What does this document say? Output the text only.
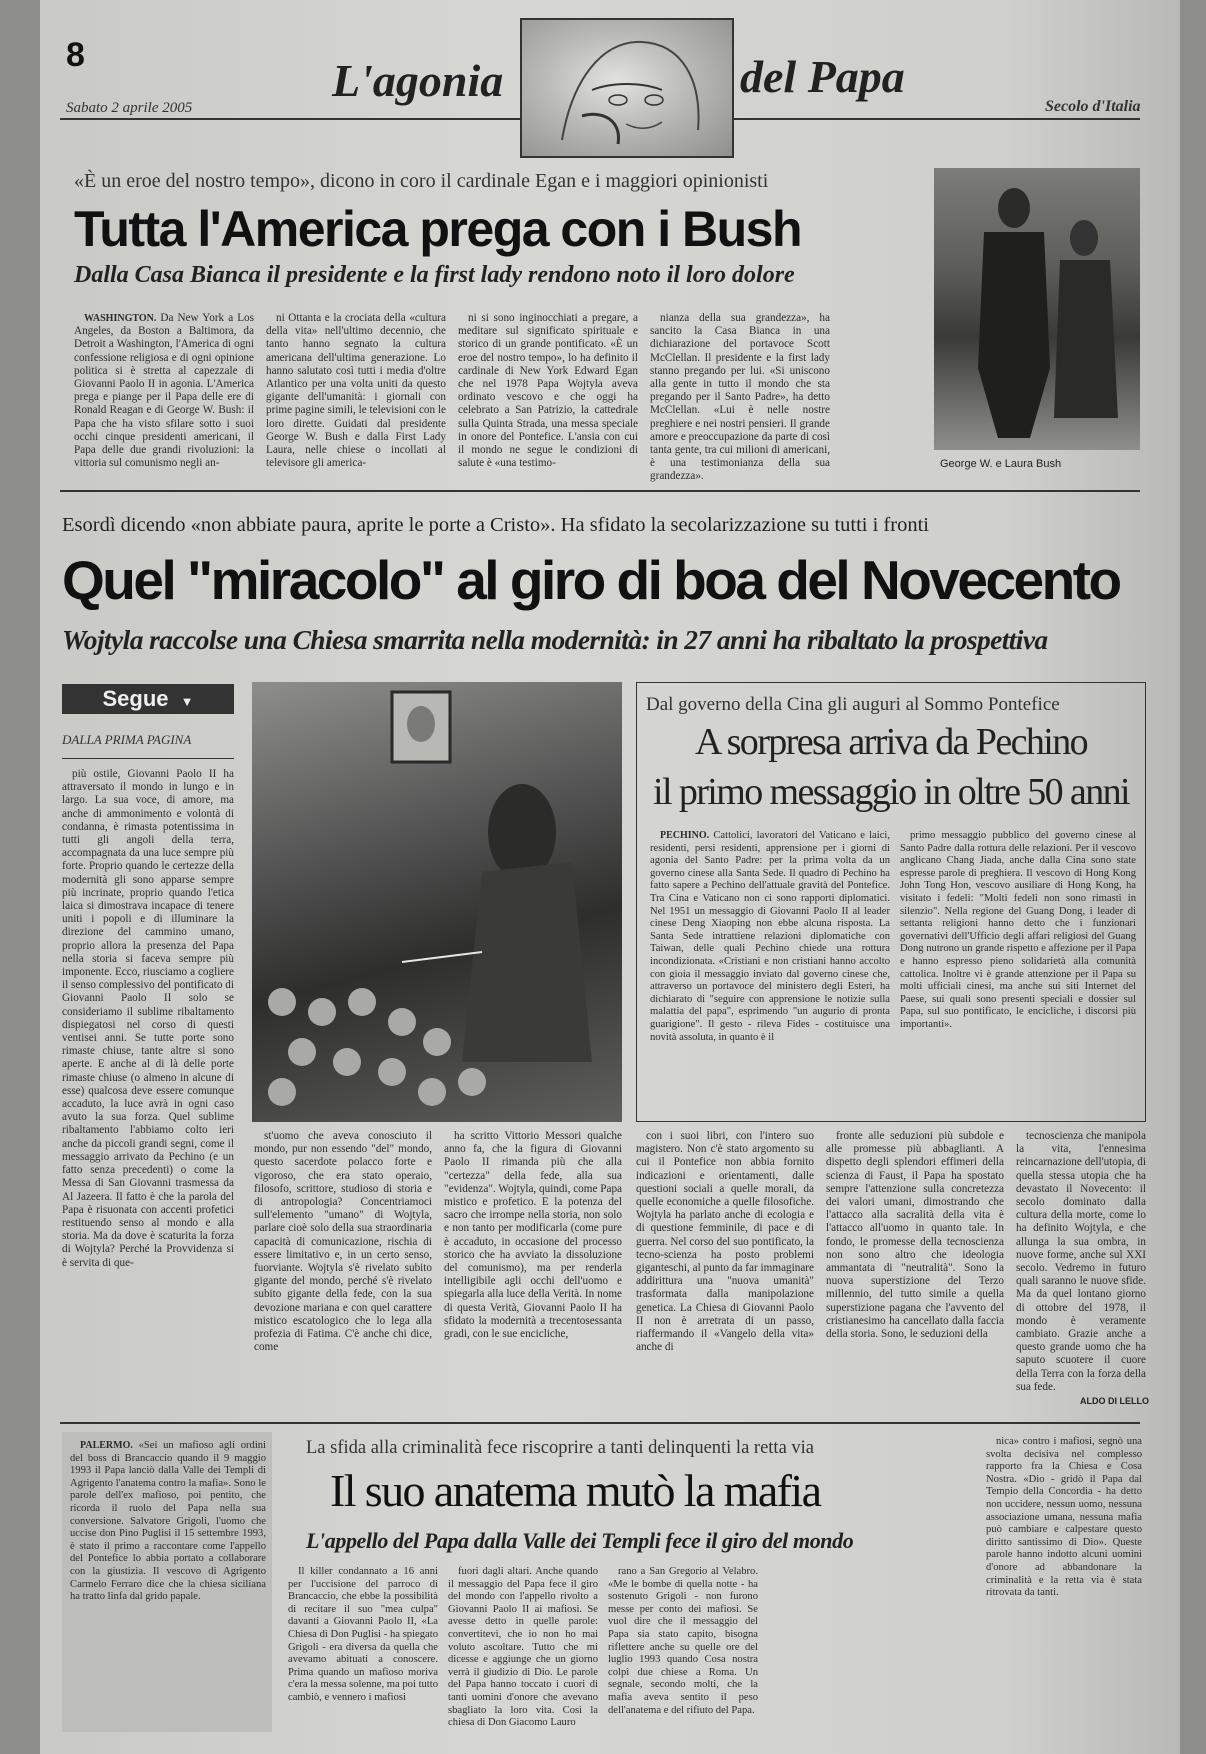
8	L'agonia	del Papa
Sabato 2 aprile 2005	Secolo d'Italia
«È un eroe del nostro tempo», dicono in coro il cardinale Egan e i maggiori opinionisti
Tutta l'America prega con i Bush
Dalla Casa Bianca il presidente e la first lady rendono noto il loro dolore

WASHINGTON. Da New York a Los Angeles, da Boston a Baltimora, da Detroit a Washington, l'America di ogni confessione religiosa e di ogni opinione politica si è stretta al capezzale di Giovanni Paolo II in agonia. L'America prega e piange per il Papa delle ere di Ronald Reagan e di George W. Bush: il Papa che ha visto sfilare sotto i suoi occhi cinque presidenti americani, il Papa delle due grandi rivoluzioni: la vittoria sul comunismo negli an-

ni Ottanta e la crociata della «cultura della vita» nell'ultimo decennio, che tanto hanno segnato la cultura americana dell'ultima generazione. Lo hanno salutato così tutti i media d'oltre Atlantico per una volta uniti da questo gigante dell'umanità: i giornali con prime pagine simili, le televisioni con le loro dirette. Guidati dal presidente George W. Bush e dalla First Lady Laura, nelle chiese o incollati al televisore gli america-

ni si sono inginocchiati a pregare, a meditare sul significato spirituale e storico di un grande pontificato. «È un eroe del nostro tempo», lo ha definito il cardinale di New York Edward Egan che nel 1978 Papa Wojtyla aveva ordinato vescovo e che oggi ha celebrato a San Patrizio, la cattedrale sulla Quinta Strada, una messa speciale in onore del Pontefice. L'ansia con cui il mondo ne segue le condizioni di salute è «una testimo-

nianza della sua grandezza», ha sancito la Casa Bianca in una dichiarazione del portavoce Scott McClellan. Il presidente e la first lady stanno pregando per lui. «Si uniscono alla gente in tutto il mondo che sta pregando per il Santo Padre», ha detto McClellan. «Lui è nelle nostre preghiere e nei nostri pensieri. Il grande amore e preoccupazione da parte di così tanta gente, tra cui milioni di americani, è una testimonianza della sua grandezza».

George W. e Laura Bush
Esordì dicendo «non abbiate paura, aprite le porte a Cristo». Ha sfidato la secolarizzazione su tutti i fronti
Quel "miracolo" al giro di boa del Novecento
Wojtyla raccolse una Chiesa smarrita nella modernità: in 27 anni ha ribaltato la prospettiva
Segue ▼
DALLA PRIMA PAGINA

più ostile, Giovanni Paolo II ha attraversato il mondo in lungo e in largo. La sua voce, di amore, ma anche di ammonimento e volontà di condanna, è rimasta potentissima in tutti gli angoli della terra, accompagnata da una luce sempre più forte. Proprio quando le certezze della modernità gli sono apparse sempre più incrinate, proprio quando l'etica laica si dimostrava incapace di tenere uniti i popoli e di illuminare la direzione del cammino umano, proprio allora la presenza del Papa nella storia si faceva sempre più imponente. Ecco, riusciamo a cogliere il senso complessivo del pontificato di Giovanni Paolo II solo se consideriamo il sublime ribaltamento dispiegatosi nel corso di questi ventisei anni. Se tutte porte sono rimaste chiuse, tante altre si sono aperte. E anche al di là delle porte rimaste chiuse (o almeno in alcune di esse) qualcosa deve essere comunque accaduto, la luce avrà in ogni caso avuto la sua forza. Quel sublime ribaltamento l'abbiamo colto ieri anche da piccoli grandi segni, come il messaggio arrivato da Pechino (e un fatto senza precedenti) o come la Messa di San Giovanni trasmessa da Al Jazeera. Il fatto è che la parola del Papa è risuonata con accenti profetici restituendo senso al mondo e alla storia. Ma da dove è scaturita la forza di Wojtyla? Perché la Provvidenza si è servita di que-

st'uomo che aveva conosciuto il mondo, pur non essendo "del" mondo, questo sacerdote polacco forte e vigoroso, che era stato operaio, filosofo, scrittore, studioso di storia e di antropologia? Concentriamoci sull'elemento "umano" di Wojtyla, parlare cioè solo della sua straordinaria capacità di comunicazione, rischia di essere limitativo e, in un certo senso, fuorviante. Wojtyla s'è rivelato subito gigante del mondo, perché s'è rivelato subito gigante della fede, con la sua devozione mariana e con quel carattere mistico escatologico che lo lega alla profezia di Fatima. C'è anche chi dice, come

ha scritto Vittorio Messori qualche anno fa, che la figura di Giovanni Paolo II rimanda più che alla "certezza" della fede, alla sua "evidenza". Wojtyla, quindi, come Papa mistico e profetico. E la potenza del sacro che irrompe nella storia, non solo e non tanto per modificarla (come pure è accaduto, in occasione del processo storico che ha avviato la dissoluzione del comunismo), ma per renderla intelligibile agli occhi dell'uomo e spiegarla alla luce della Verità. In nome di questa Verità, Giovanni Paolo II ha sfidato la modernità a trecentosessanta gradi, con le sue encicliche,

con i suoi libri, con l'intero suo magistero. Non c'è stato argomento su cui il Pontefice non abbia fornito indicazioni e orientamenti, dalle questioni sociali a quelle morali, da quelle economiche a quelle filosofiche. Wojtyla ha parlato anche di ecologia e di questione femminile, di pace e di guerra. Nel corso del suo pontificato, la tecno-scienza ha posto problemi giganteschi, al punto da far immaginare addirittura una "nuova umanità" trasformata dalla manipolazione genetica. La Chiesa di Giovanni Paolo II non è arretrata di un passo, riaffermando il «Vangelo della vita» anche di

fronte alle seduzioni più subdole e alle promesse più abbaglianti. A dispetto degli splendori effimeri della scienza di Faust, il Papa ha spostato sempre l'attenzione sulla concretezza dei valori umani, dimostrando che l'attacco alla sacralità della vita è l'attacco all'uomo in quanto tale. In fondo, le promesse della tecnoscienza non sono altro che ideologia ammantata di "neutralità". Sono la nuova superstizione del Terzo millennio, del tutto simile a quella superstizione pagana che l'avvento del cristianesimo ha cancellato dalla faccia della storia. Sono, le seduzioni della

tecnoscienza che manipola la vita, l'ennesima reincarnazione dell'utopia, di quella stessa utopia che ha devastato il Novecento: il secolo dominato dalla cultura della morte, come lo ha definito Wojtyla, e che allunga la sua ombra, in nuove forme, anche sul XXI secolo. Vedremo in futuro quali saranno le nuove sfide. Ma da quel lontano giorno di ottobre del 1978, il mondo è veramente cambiato. Grazie anche a questo grande uomo che ha saputo scuotere il cuore della Terra con la forza della sua fede.

ALDO DI LELLO
Dal governo della Cina gli auguri al Sommo Pontefice
A sorpresa arriva da Pechino
il primo messaggio in oltre 50 anni

PECHINO. Cattolici, lavoratori del Vaticano e laici, residenti, persi residenti, apprensione per i giorni di agonia del Santo Padre: per la prima volta da un governo cinese alla Santa Sede. Il quadro di Pechino ha fatto sapere a Pechino dell'attuale gravità del Pontefice. Tra Cina e Vaticano non ci sono rapporti diplomatici. Nel 1951 un messaggio di Giovanni Paolo II al leader cinese Deng Xiaoping non ebbe alcuna risposta. La Santa Sede intrattiene relazioni diplomatiche con Taiwan, delle quali Pechino chiede una rottura incondizionata. «Cristiani e non cristiani hanno accolto con gioia il messaggio inviato dal governo cinese che, attraverso un portavoce del ministero degli Esteri, ha dichiarato di "seguire con apprensione le notizie sulla malattia del papa", esprimendo "un augurio di pronta guarigione". Il gesto - rileva Fides - costituisce una novità assoluta, in quanto è il

primo messaggio pubblico del governo cinese al Santo Padre dalla rottura delle relazioni. Per il vescovo anglicano Chang Jiada, anche dalla Cina sono state espresse parole di preghiera. Il vescovo di Hong Kong John Tong Hon, vescovo ausiliare di Hong Kong, ha visitato i fedeli: "Molti fedeli non sono rimasti in silenzio". Nella regione del Guang Dong, i leader di settanta religioni hanno detto che i funzionari governativi dell'Ufficio degli affari religiosi del Guang Dong nutrono un grande rispetto e affezione per il Papa e hanno espresso pieno solidarietà alla comunità cattolica. Inoltre vi è grande attenzione per il Papa su molti ufficiali cinesi, ma anche sui siti Internet del Paese, sui quali sono presenti speciali e dossier sul Papa, sul suo pontificato, le encicliche, i discorsi più importanti».

PALERMO. «Sei un mafioso agli ordini del boss di Brancaccio quando il 9 maggio 1993 il Papa lanciò dalla Valle dei Templi di Agrigento l'anatema contro la mafia». Sono le parole dell'ex mafioso, poi pentito, che ricorda il ruolo del Papa nella sua conversione. Salvatore Grigoli, l'uomo che uccise don Pino Puglisi il 15 settembre 1993, è stato il primo a raccontare come l'appello del Pontefice lo abbia portato a collaborare con la giustizia. Il vescovo di Agrigento Carmelo Ferraro dice che la chiesa siciliana ha tratto linfa dal grido papale.

La sfida alla criminalità fece riscoprire a tanti delinquenti la retta via
Il suo anatema mutò la mafia
L'appello del Papa dalla Valle dei Templi fece il giro del mondo

Il killer condannato a 16 anni per l'uccisione del parroco di Brancaccio, che ebbe la possibilità di recitare il suo "mea culpa" davanti a Giovanni Paolo II, «La Chiesa di Don Puglisi - ha spiegato Grigoli - era diversa da quella che avevamo abituati a conoscere. Prima quando un mafioso moriva c'era la messa solenne, ma poi tutto cambiò, e vennero i mafiosi

fuori dagli altari. Anche quando il messaggio del Papa fece il giro del mondo con l'appello rivolto a Giovanni Paolo II ai mafiosi. Se avesse detto in quelle parole: convertitevi, che io non ho mai voluto ascoltare. Tutto che mi dicesse e aggiunge che un giorno verrà il giudizio di Dio. Le parole del Papa hanno toccato i cuori di tanti uomini d'onore che avevano sbagliato la loro vita. Così la chiesa di Don Giacomo Lauro

rano a San Gregorio al Velabro. «Me le bombe di quella notte - ha sostenuto Grigoli - non furono messe per conto dei mafiosi. Se vuol dire che il messaggio del Papa sia stato capito, bisogna riflettere anche su quelle ore del luglio 1993 quando Cosa nostra colpì due chiese a Roma. Un segnale, secondo molti, che la mafia aveva sentito il peso dell'anatema e del rifiuto del Papa.

nica» contro i mafiosi, segnò una svolta decisiva nel complesso rapporto fra la Chiesa e Cosa Nostra. «Dio - gridò il Papa dal Tempio della Concordia - ha detto non uccidere, nessun uomo, nessuna associazione umana, nessuna mafia può cambiare e calpestare questo diritto santissimo di Dio». Queste parole hanno indotto alcuni uomini d'onore ad abbandonare la criminalità e la retta via è stata ritrovata da tanti.
